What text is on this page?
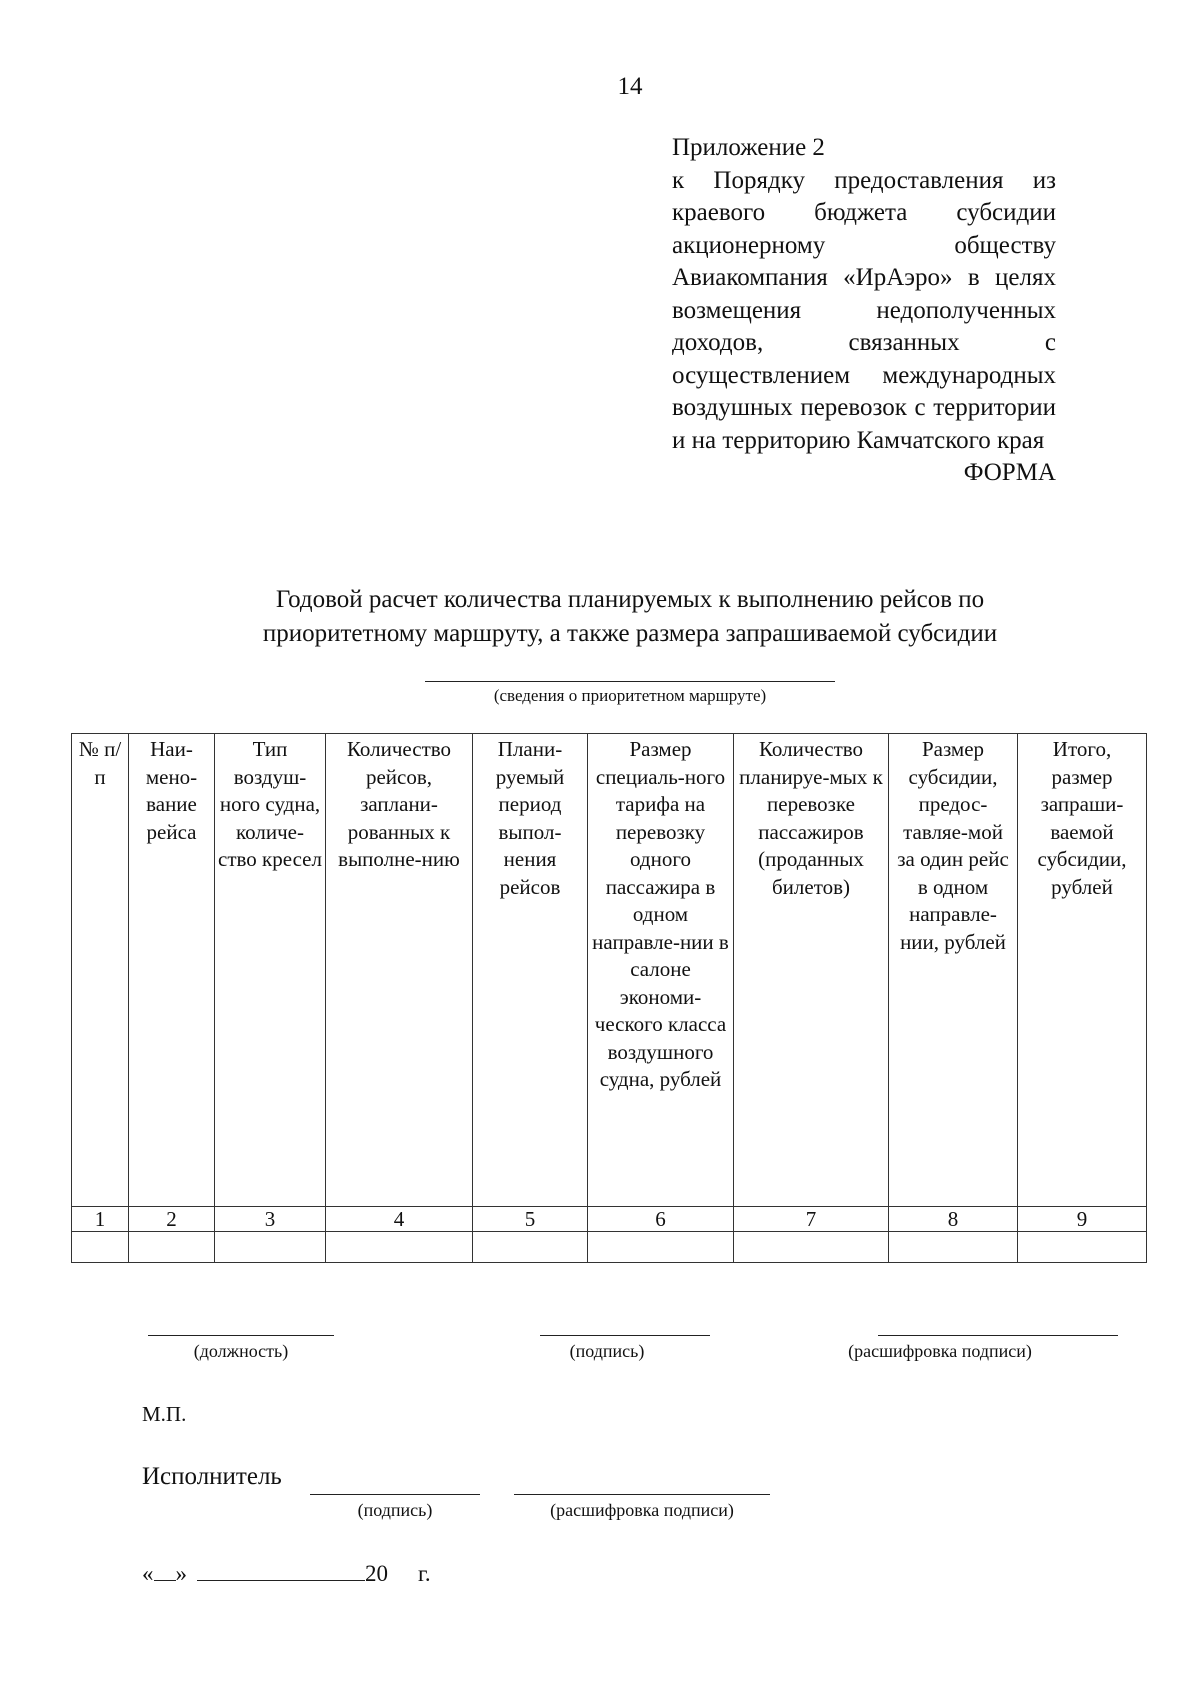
14
Приложение 2
к Порядку предоставления из краевого бюджета субсидии акционерному обществу Авиакомпания «ИрАэро» в целях возмещения недополученных доходов, связанных с осуществлением международных воздушных перевозок с территории и на территорию Камчатского края
ФОРМА
Годовой расчет количества планируемых к выполнению рейсов по
приоритетному маршруту, а также размера запрашиваемой субсидии
(сведения о приоритетном маршруте)
№ п/п	Наи-мено-вание рейса	Тип воздуш-ного судна, количе-ство кресел	Количество рейсов, заплани-рованных к выполне-нию	Плани-руемый период выпол-нения рейсов	Размер специаль-ного тарифа на перевозку одного пассажира в одном направле-нии в салоне экономи-ческого класса воздушного судна, рублей	Количество планируе-мых к перевозке пассажиров (проданных билетов)	Размер субсидии, предос-тавляе-мой за один рейс в одном направле-нии, рублей	Итого, размер запраши-ваемой субсидии, рублей
1	2	3	4	5	6	7	8	9

(должность)	(подпись)	(расшифровка подписи)
М.П.
Исполнитель
(подпись)	(расшифровка подписи)
« »	20 г.
